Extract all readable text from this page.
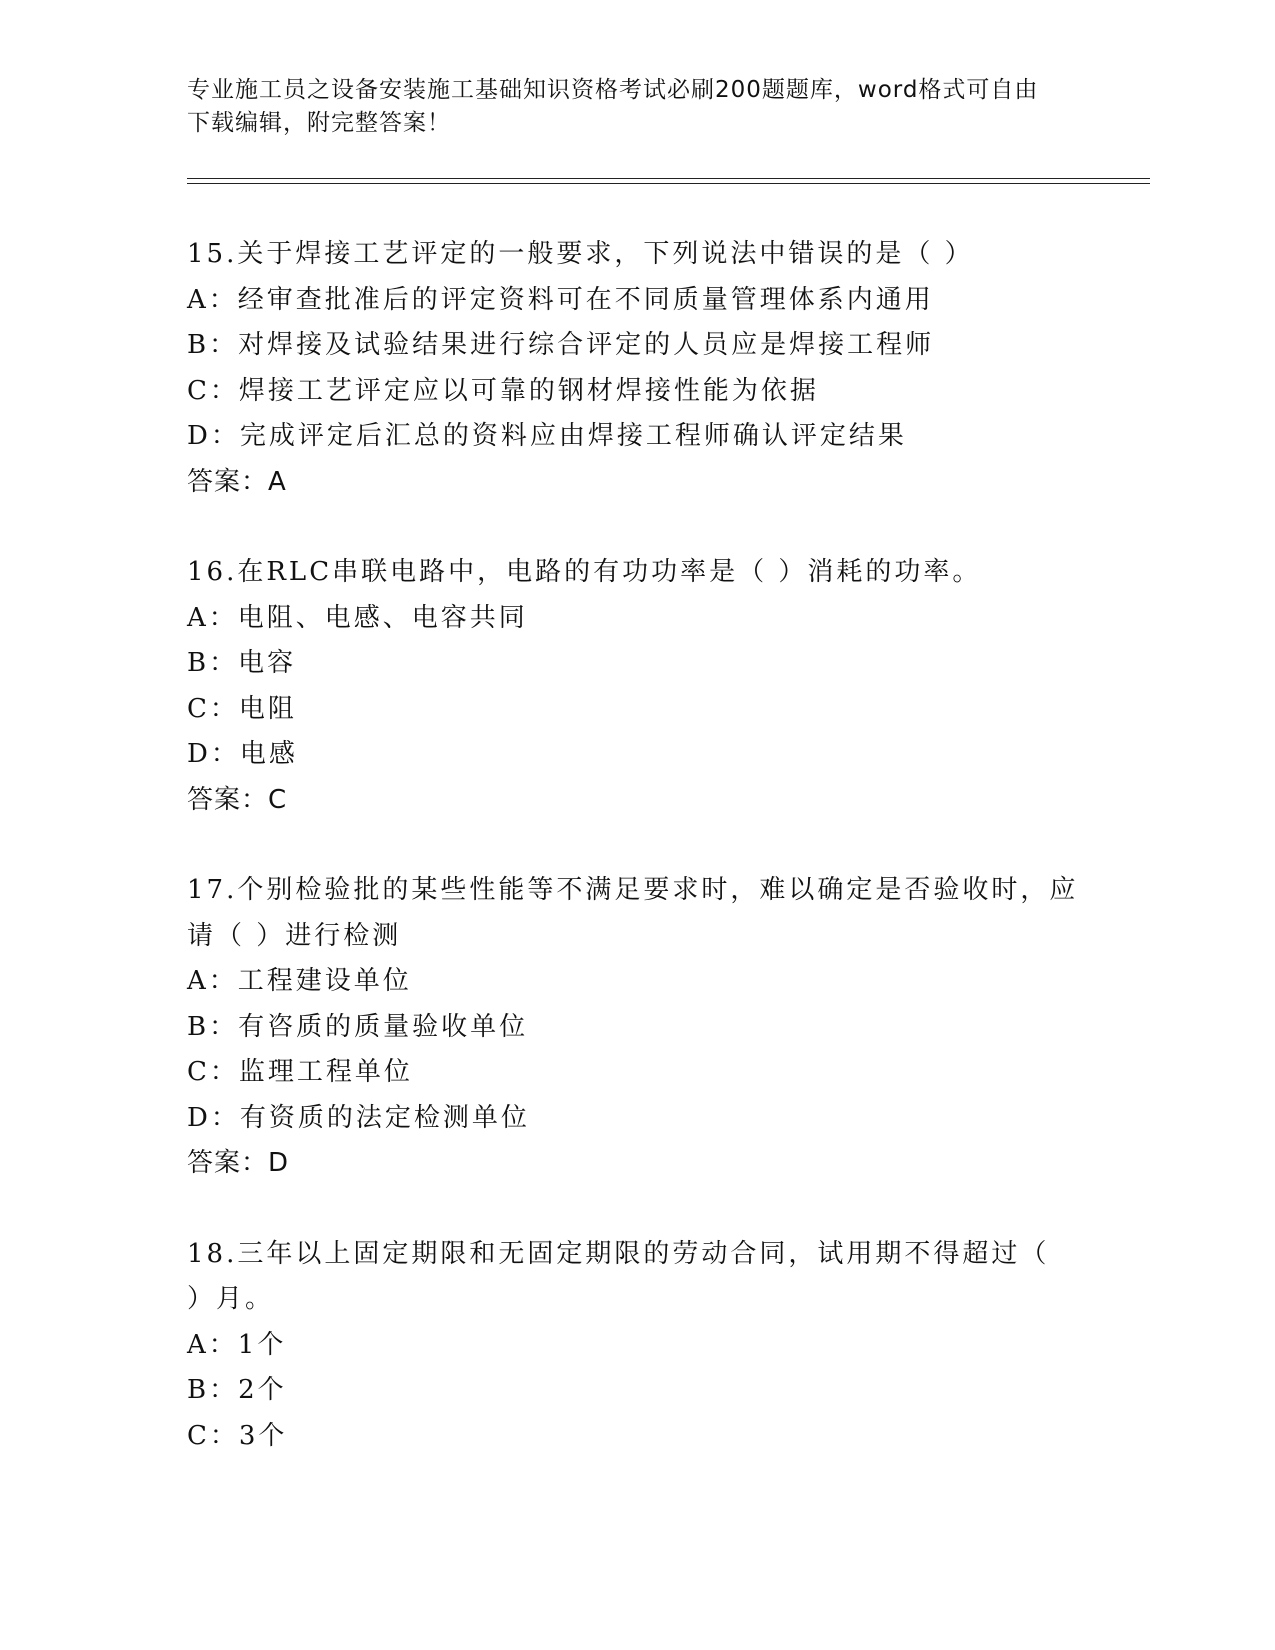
专业施工员之设备安装施工基础知识资格考试必刷200题题库，word格式可自由
下载编辑，附完整答案！
15.关于焊接工艺评定的一般要求，下列说法中错误的是（ ）
A：经审查批准后的评定资料可在不同质量管理体系内通用
B：对焊接及试验结果进行综合评定的人员应是焊接工程师
C：焊接工艺评定应以可靠的钢材焊接性能为依据
D：完成评定后汇总的资料应由焊接工程师确认评定结果
答案：A
16.在RLC串联电路中，电路的有功功率是（ ）消耗的功率。
A：电阻、电感、电容共同
B：电容
C：电阻
D：电感
答案：C
17.个别检验批的某些性能等不满足要求时，难以确定是否验收时，应
请（ ）进行检测
A：工程建设单位
B：有咨质的质量验收单位
C：监理工程单位
D：有资质的法定检测单位
答案：D
18.三年以上固定期限和无固定期限的劳动合同，试用期不得超过（
）月。
A：1个
B：2个
C：3个
